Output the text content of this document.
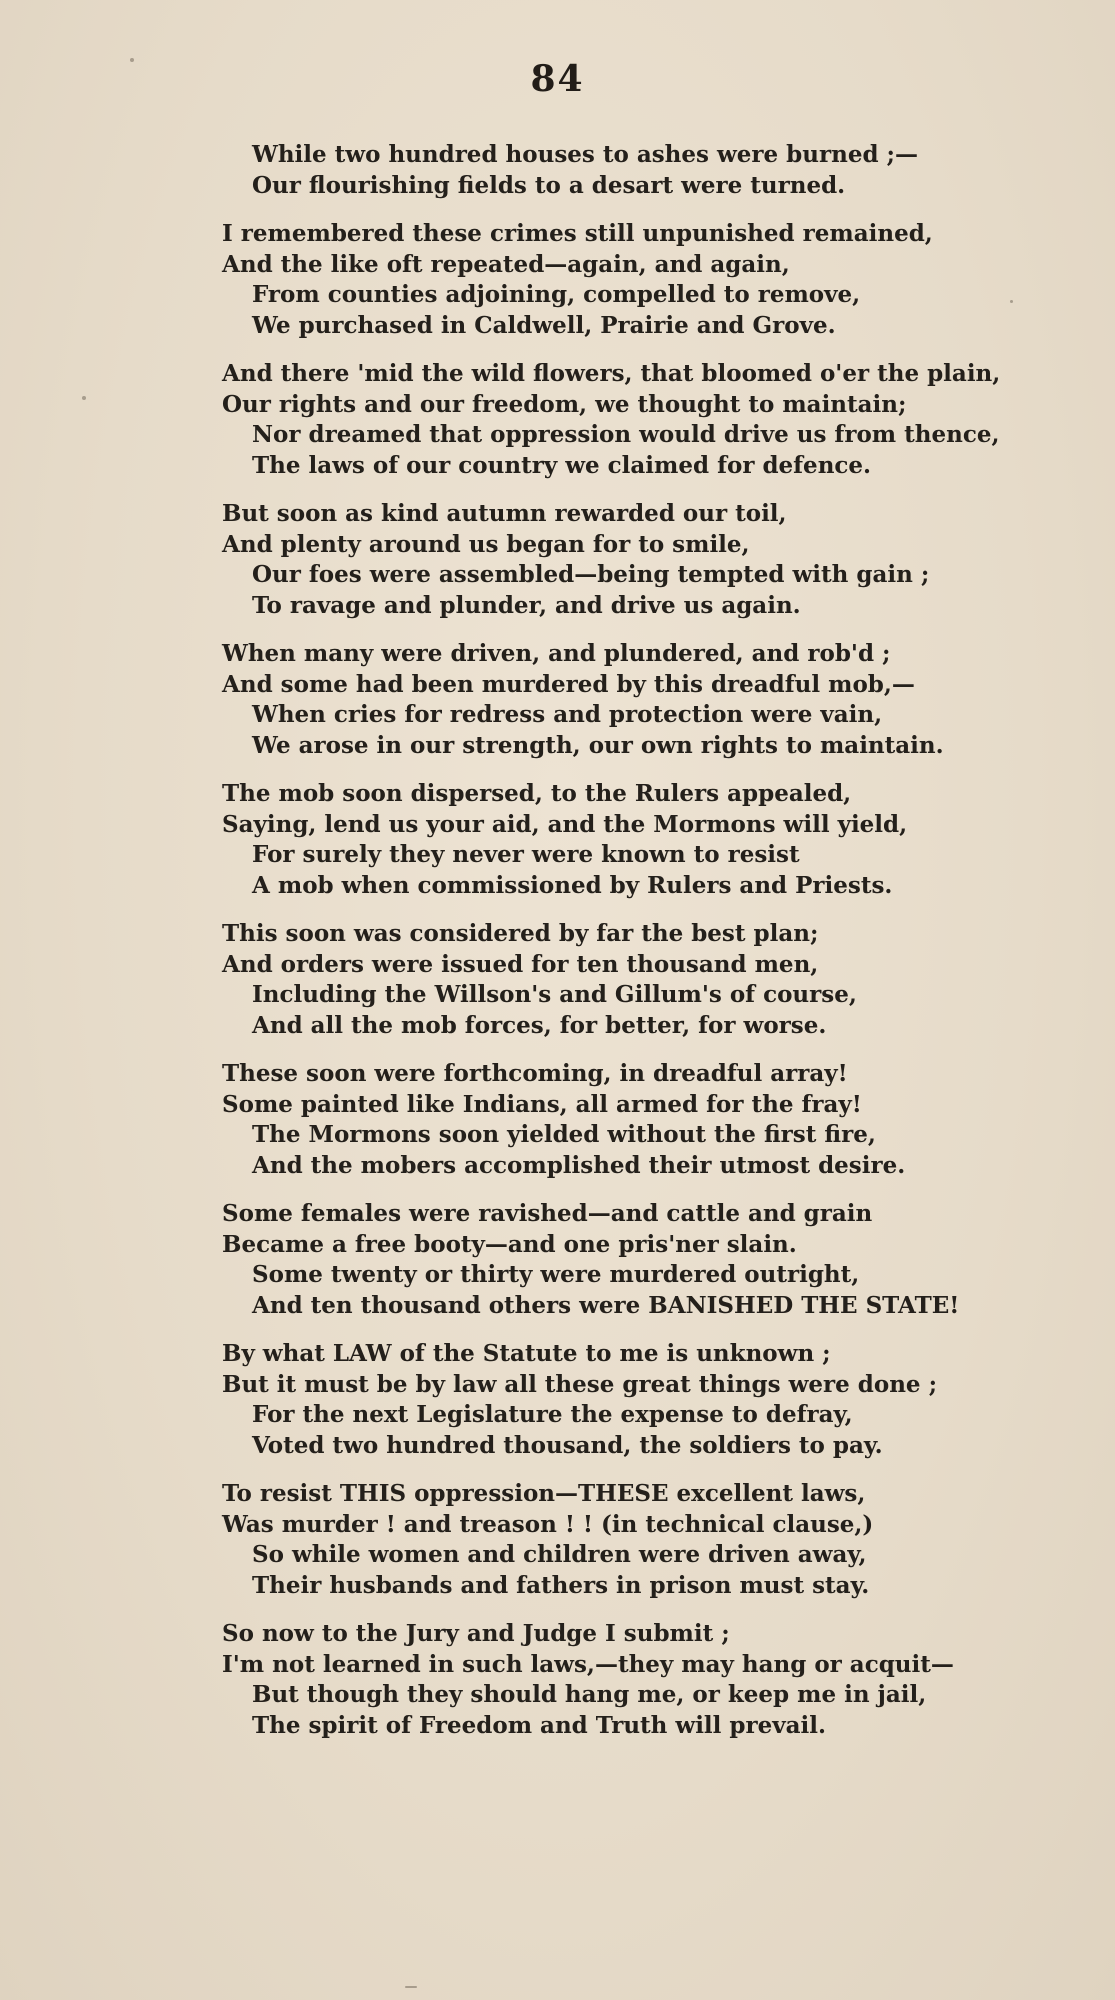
84
While two hundred houses to ashes were burned ;—
Our flourishing fields to a desart were turned.
I remembered these crimes still unpunished remained,
And the like oft repeated—again, and again,
From counties adjoining, compelled to remove,
We purchased in Caldwell, Prairie and Grove.
And there 'mid the wild flowers, that bloomed o'er the plain,
Our rights and our freedom, we thought to maintain;
Nor dreamed that oppression would drive us from thence,
The laws of our country we claimed for defence.
But soon as kind autumn rewarded our toil,
And plenty around us began for to smile,
Our foes were assembled—being tempted with gain ;
To ravage and plunder, and drive us again.
When many were driven, and plundered, and rob'd ;
And some had been murdered by this dreadful mob,—
When cries for redress and protection were vain,
We arose in our strength, our own rights to maintain.
The mob soon dispersed, to the Rulers appealed,
Saying, lend us your aid, and the Mormons will yield,
For surely they never were known to resist
A mob when commissioned by Rulers and Priests.
This soon was considered by far the best plan;
And orders were issued for ten thousand men,
Including the Willson's and Gillum's of course,
And all the mob forces, for better, for worse.
These soon were forthcoming, in dreadful array!
Some painted like Indians, all armed for the fray!
The Mormons soon yielded without the first fire,
And the mobers accomplished their utmost desire.
Some females were ravished—and cattle and grain
Became a free booty—and one pris'ner slain.
Some twenty or thirty were murdered outright,
And ten thousand others were BANISHED THE STATE!
By what LAW of the Statute to me is unknown ;
But it must be by law all these great things were done ;
For the next Legislature the expense to defray,
Voted two hundred thousand, the soldiers to pay.
To resist THIS oppression—THESE excellent laws,
Was murder ! and treason ! ! (in technical clause,)
So while women and children were driven away,
Their husbands and fathers in prison must stay.
So now to the Jury and Judge I submit ;
I'm not learned in such laws,—they may hang or acquit—
But though they should hang me, or keep me in jail,
The spirit of Freedom and Truth will prevail.
